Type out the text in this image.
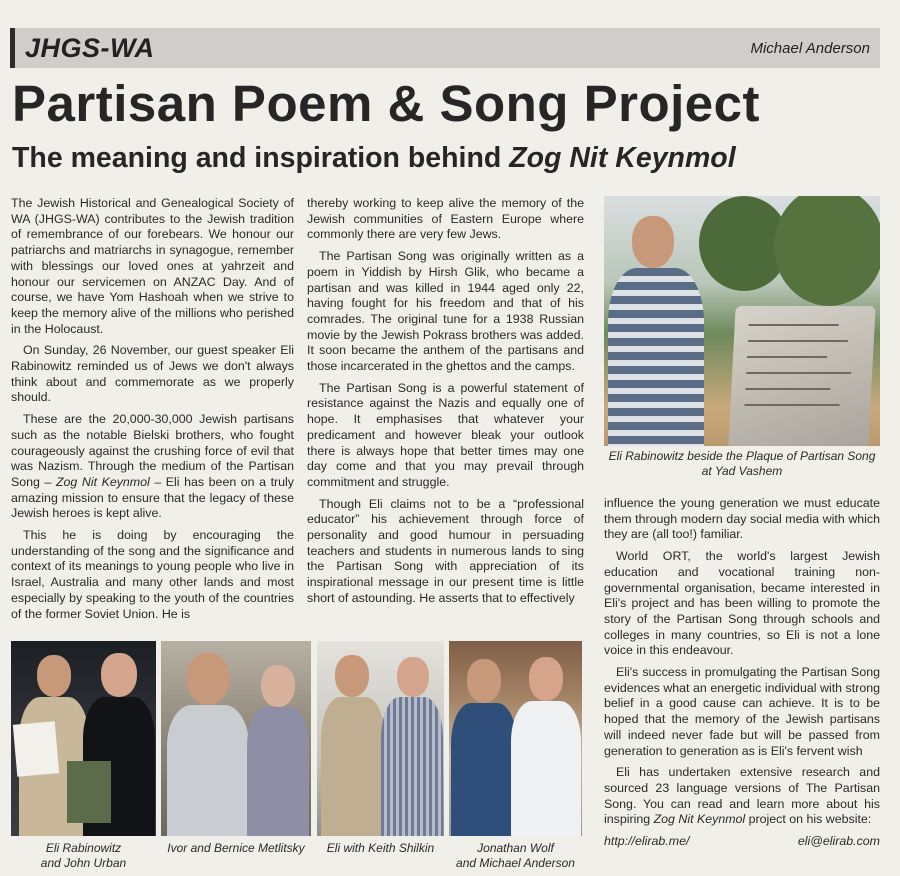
JHGS-WA	Michael Anderson
Partisan Poem & Song Project
The meaning and inspiration behind Zog Nit Keynmol

The Jewish Historical and Genealogical Society of WA (JHGS-WA) contributes to the Jewish tradition of remembrance of our forebears. We honour our patriarchs and matriarchs in synagogue, remember with blessings our loved ones at yahrzeit and honour our servicemen on ANZAC Day. And of course, we have Yom Hashoah when we strive to keep the memory alive of the millions who perished in the Holocaust.

On Sunday, 26 November, our guest speaker Eli Rabinowitz reminded us of Jews we don't always think about and commemorate as we properly should.

These are the 20,000-30,000 Jewish partisans such as the notable Bielski brothers, who fought courageously against the crushing force of evil that was Nazism. Through the medium of the Partisan Song – Zog Nit Keynmol – Eli has been on a truly amazing mission to ensure that the legacy of these Jewish heroes is kept alive.

This he is doing by encouraging the understanding of the song and the significance and context of its meanings to young people who live in Israel, Australia and many other lands and most especially by speaking to the youth of the countries of the former Soviet Union. He is

thereby working to keep alive the memory of the Jewish communities of Eastern Europe where commonly there are very few Jews.

The Partisan Song was originally written as a poem in Yiddish by Hirsh Glik, who became a partisan and was killed in 1944 aged only 22, having fought for his freedom and that of his comrades. The original tune for a 1938 Russian movie by the Jewish Pokrass brothers was added. It soon became the anthem of the partisans and those incarcerated in the ghettos and the camps.

The Partisan Song is a powerful statement of resistance against the Nazis and equally one of hope. It emphasises that whatever your predicament and however bleak your outlook there is always hope that better times may one day come and that you may prevail through commitment and struggle.

Though Eli claims not to be a “professional educator” his achievement through force of personality and good humour in persuading teachers and students in numerous lands to sing the Partisan Song with appreciation of its inspirational message in our present time is little short of astounding. He asserts that to effectively

Eli Rabinowitz beside the Plaque of Partisan Song
at Yad Vashem

influence the young generation we must educate them through modern day social media with which they are (all too!) familiar.

World ORT, the world's largest Jewish education and vocational training non-governmental organisation, became interested in Eli's project and has been willing to promote the story of the Partisan Song through schools and colleges in many countries, so Eli is not a lone voice in this endeavour.

Eli's success in promulgating the Partisan Song evidences what an energetic individual with strong belief in a good cause can achieve. It is to be hoped that the memory of the Jewish partisans will indeed never fade but will be passed from generation to generation as is Eli's fervent wish

Eli has undertaken extensive research and sourced 23 language versions of The Partisan Song. You can read and learn more about his inspiring Zog Nit Keynmol project on his website:

http://elirab.me/	eli@elirab.com

Eli Rabinowitz
and John Urban
Ivor and Bernice Metlitsky	Eli with Keith Shilkin	Jonathan Wolf
and Michael Anderson
